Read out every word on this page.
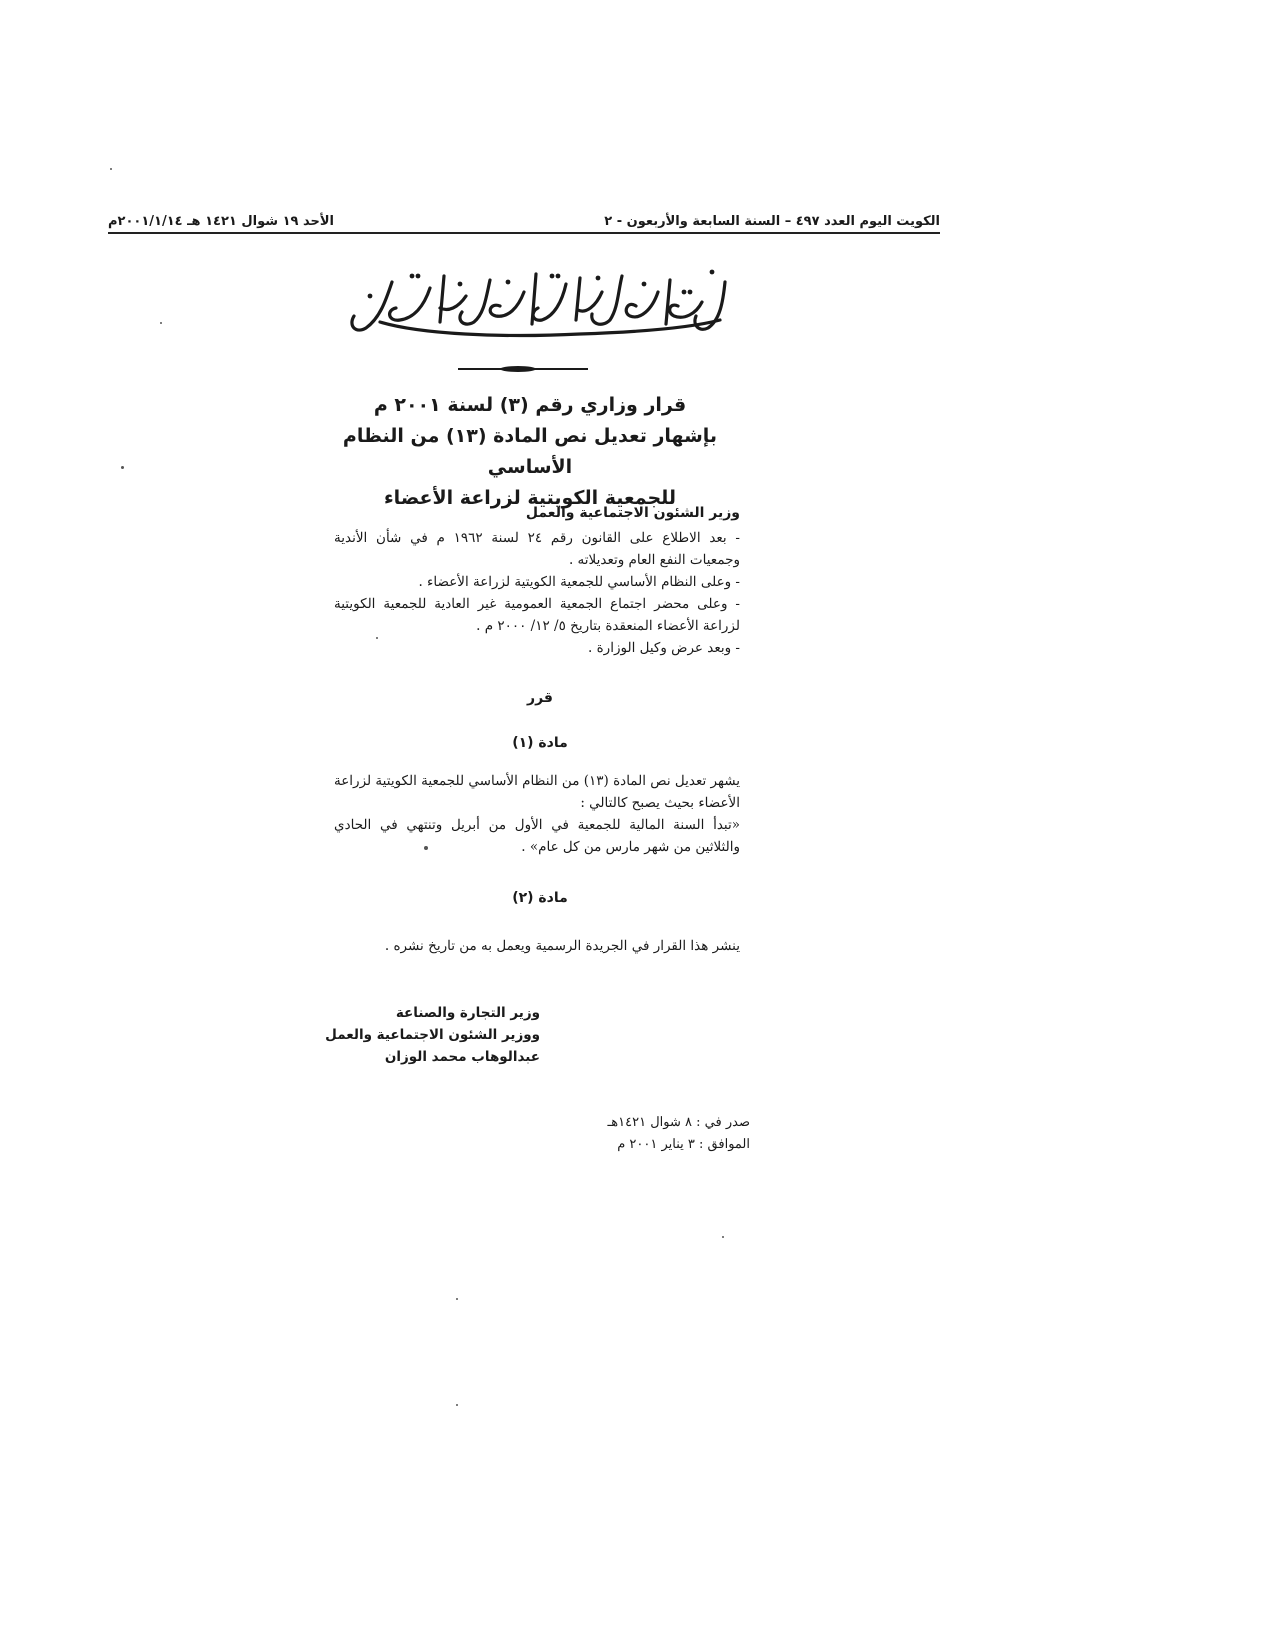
الكويت اليوم العدد ٤٩٧ – السنة السابعة والأربعون - ٢
الأحد ١٩ شوال ١٤٢١ هـ ٢٠٠١/١/١٤م
قرار وزاري رقم (٣) لسنة ٢٠٠١ م
بإشهار تعديل نص المادة (١٣) من النظام الأساسي
للجمعية الكويتية لزراعة الأعضاء
وزير الشئون الاجتماعية والعمل

- بعد الاطلاع على القانون رقم ٢٤ لسنة ١٩٦٢ م في شأن الأندية وجمعيات النفع العام وتعديلاته .

- وعلى النظام الأساسي للجمعية الكويتية لزراعة الأعضاء .

- وعلى محضر اجتماع الجمعية العمومية غير العادية للجمعية الكويتية لزراعة الأعضاء المنعقدة بتاريخ ٥/ ١٢/ ٢٠٠٠ م .

- وبعد عرض وكيل الوزارة .

قرر
مادة (١)

يشهر تعديل نص المادة (١٣) من النظام الأساسي للجمعية الكويتية لزراعة الأعضاء بحيث يصبح كالتالي :

«تبدأ السنة المالية للجمعية في الأول من أبريل وتنتهي في الحادي والثلاثين من شهر مارس من كل عام» .

مادة (٢)
ينشر هذا القرار في الجريدة الرسمية ويعمل به من تاريخ نشره .
وزير التجارة والصناعة
ووزير الشئون الاجتماعية والعمل
عبدالوهاب محمد الوزان
صدر في : ٨ شوال ١٤٢١هـ
الموافق : ٣ يناير ٢٠٠١ م
